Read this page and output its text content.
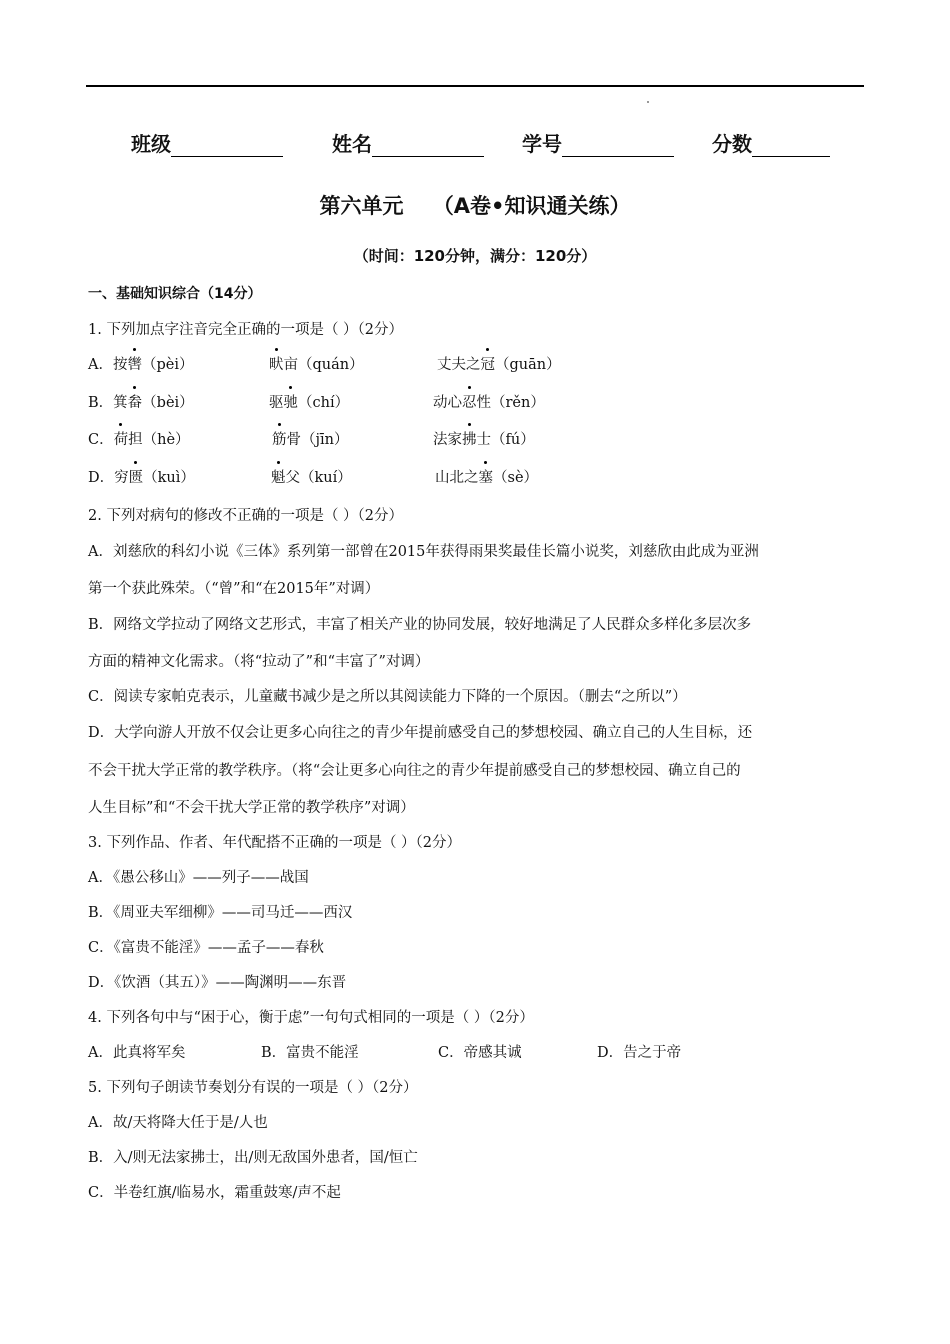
班级	姓名	学号	分数
第六单元    （A卷•知识通关练）
（时间：120分钟，满分：120分）
一、基础知识综合（14分）
1. 下列加点字注音完全正确的一项是（ ）（2分）
A．按辔（pèi）	畎亩（quán）	丈夫之冠（guān）
B．箕畚（bèi）	驱驰（chí）	动心忍性（rěn）
C．荷担（hè）	筋骨（jīn）	法家拂士（fú）
D．穷匮（kuì）	魁父（kuí）	山北之塞（sè）
2. 下列对病句的修改不正确的一项是（ ）（2分）
A．刘慈欣的科幻小说《三体》系列第一部曾在2015年获得雨果奖最佳长篇小说奖，刘慈欣由此成为亚洲
第一个获此殊荣。（“曾”和“在2015年”对调）
B．网络文学拉动了网络文艺形式，丰富了相关产业的协同发展，较好地满足了人民群众多样化多层次多
方面的精神文化需求。（将“拉动了”和“丰富了”对调）
C．阅读专家帕克表示，儿童藏书减少是之所以其阅读能力下降的一个原因。（删去“之所以”）
D．大学向游人开放不仅会让更多心向往之的青少年提前感受自己的梦想校园、确立自己的人生目标，还
不会干扰大学正常的教学秩序。（将“会让更多心向往之的青少年提前感受自己的梦想校园、确立自己的
人生目标”和“不会干扰大学正常的教学秩序”对调）
3. 下列作品、作者、年代配搭不正确的一项是（ ）（2分）
A．《愚公移山》——列子——战国
B．《周亚夫军细柳》——司马迁——西汉
C．《富贵不能淫》——孟子——春秋
D．《饮酒（其五）》——陶渊明——东晋
4. 下列各句中与“困于心，衡于虑”一句句式相同的一项是（ ）（2分）
A．此真将军矣	B．富贵不能淫	C．帝感其诚	D．告之于帝
5. 下列句子朗读节奏划分有误的一项是（ ）（2分）
A．故/天将降大任于是/人也
B．入/则无法家拂士，出/则无敌国外患者，国/恒亡
C．半卷红旗/临易水，霜重鼓寒/声不起
